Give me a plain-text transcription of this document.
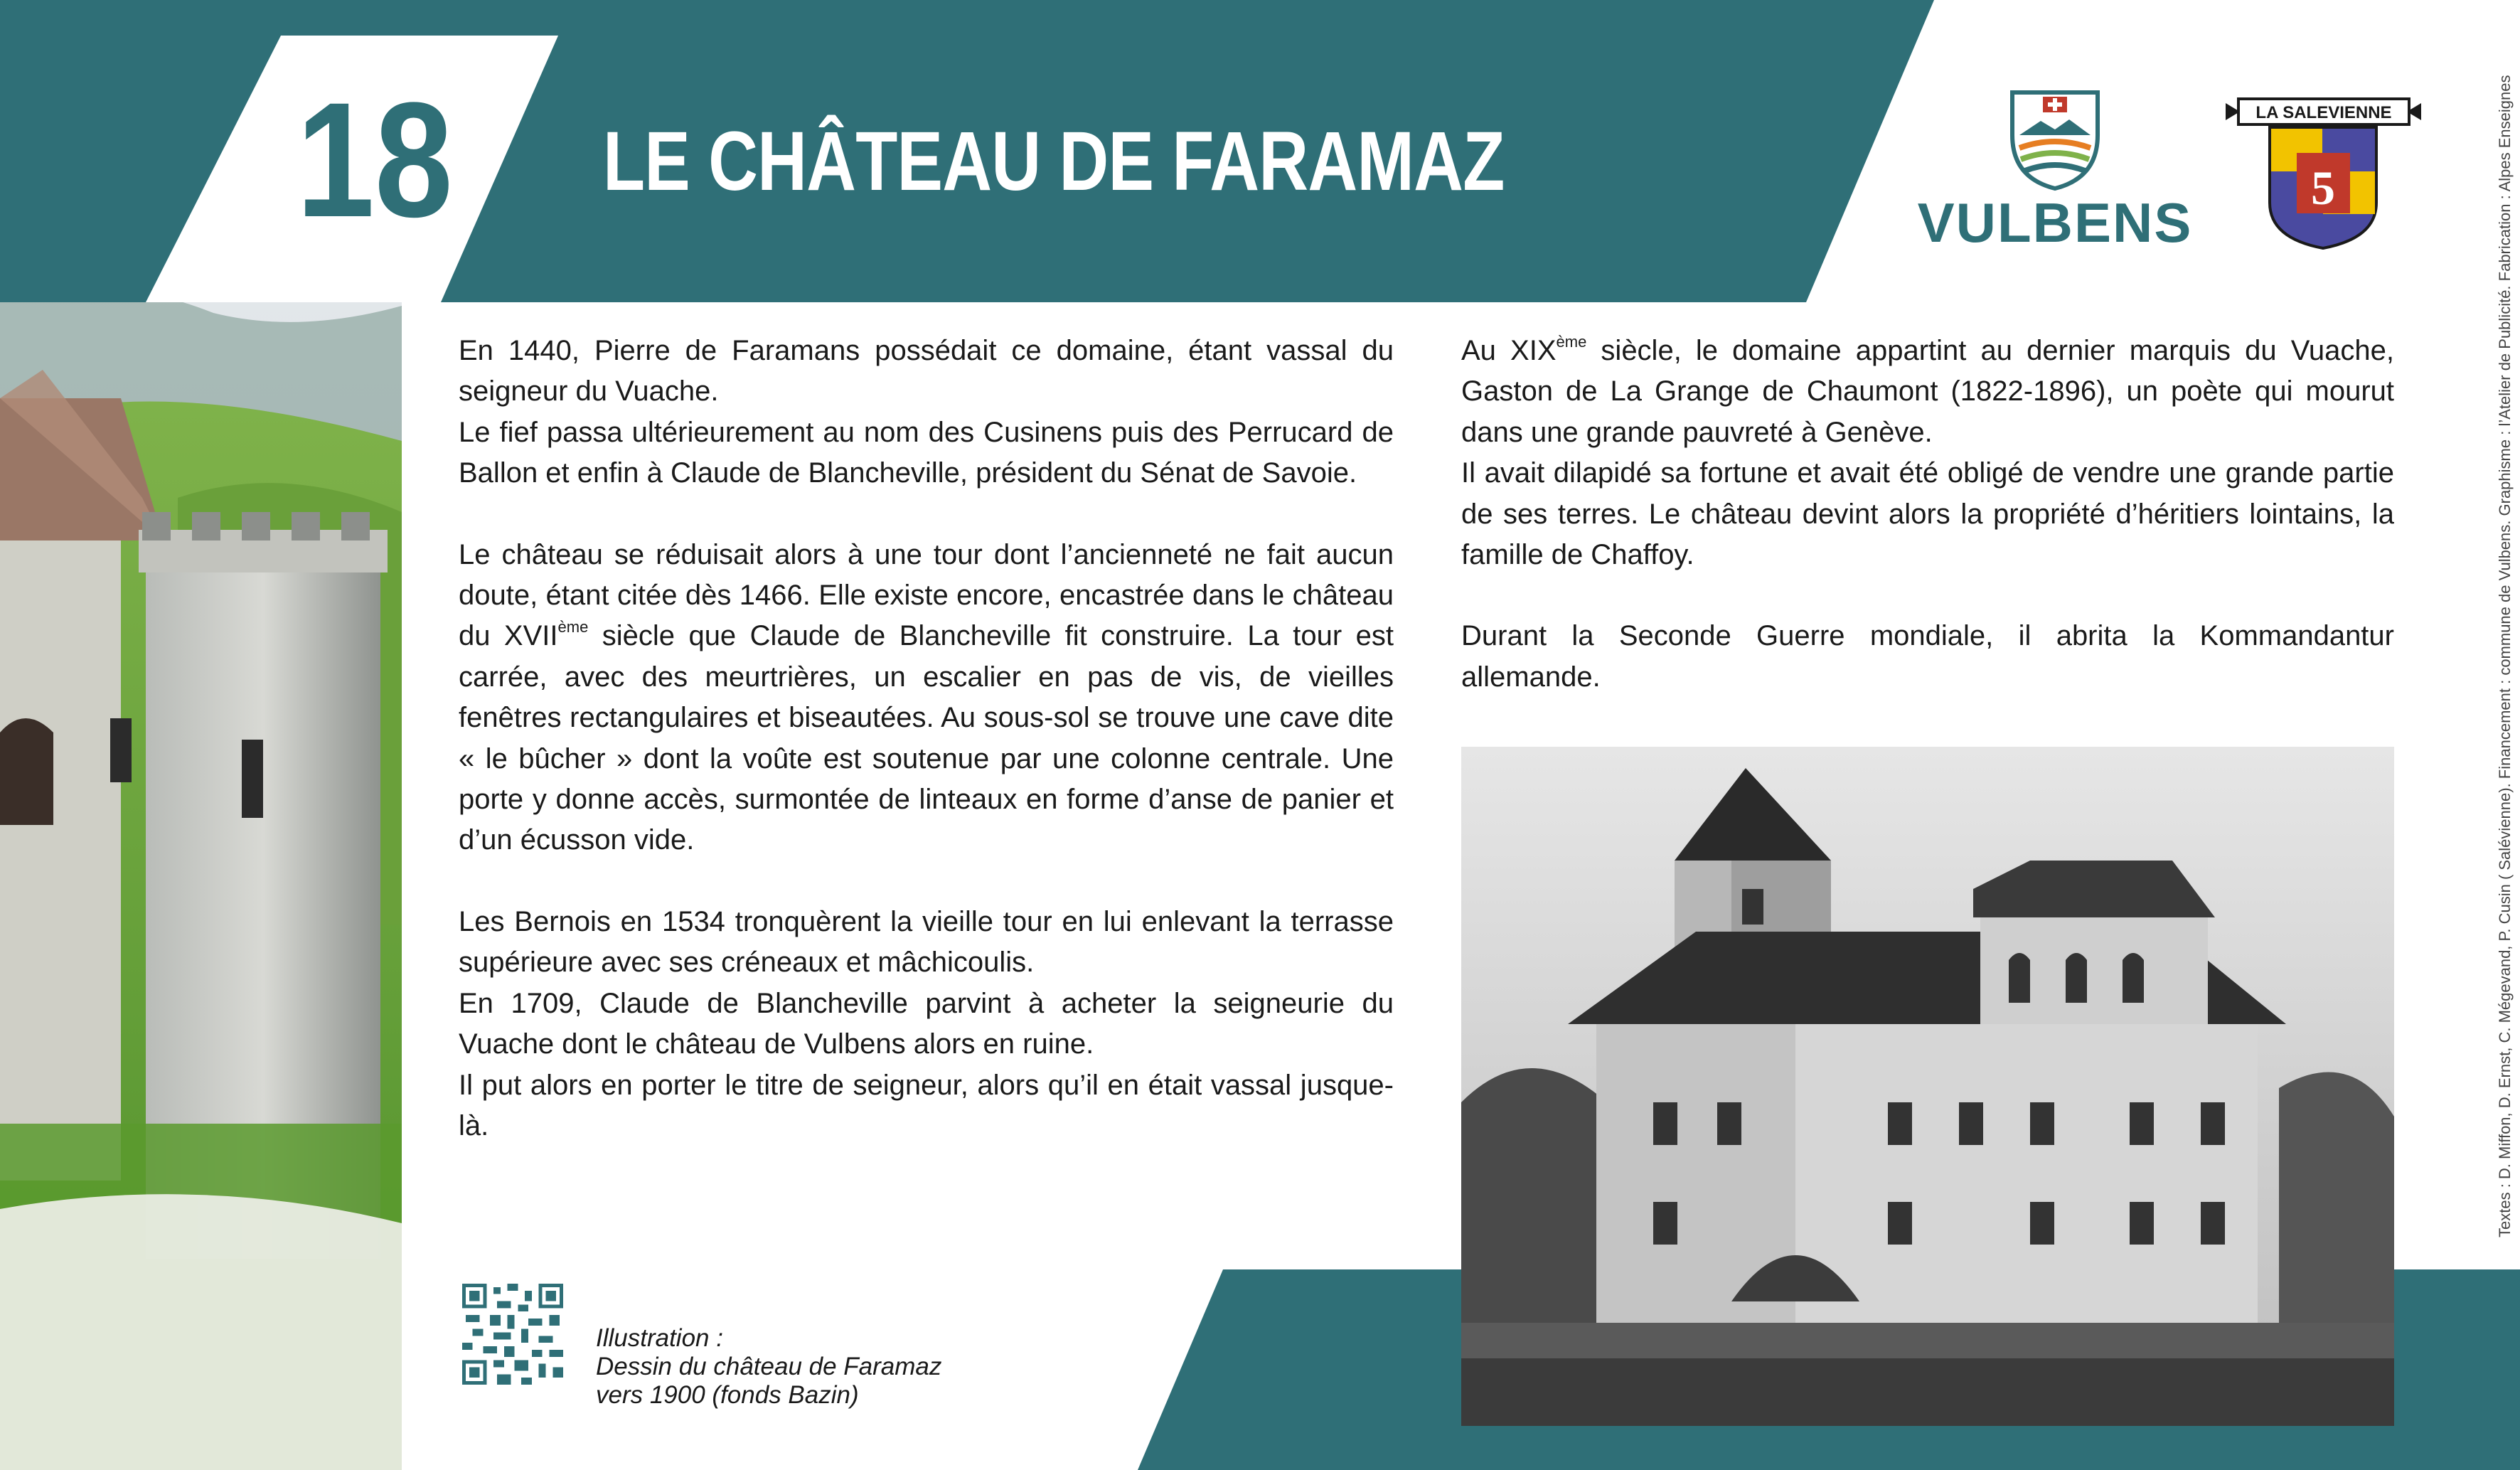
18 LE CHÂTEAU DE FARAMAZ
VULBENS
LA SALEVIENNE
5

En 1440, Pierre de Faramans possédait ce domaine, étant vassal du seigneur du Vuache.

Le fief passa ultérieurement au nom des Cusinens puis des Perrucard de Ballon et enfin à Claude de Blancheville, président du Sénat de Savoie.

Le château se réduisait alors à une tour dont l’ancienneté ne fait aucun doute, étant citée dès 1466. Elle existe encore, encastrée dans le château du XVIIème siècle que Claude de Blancheville fit construire. La tour est carrée, avec des meurtrières, un escalier en pas de vis, de vieilles fenêtres rectangulaires et biseautées. Au sous-sol se trouve une cave dite « le bûcher » dont la voûte est soutenue par une colonne centrale. Une porte y donne accès, surmontée de linteaux en forme d’anse de panier et d’un écusson vide.

Les Bernois en 1534 tronquèrent la vieille tour en lui enlevant la terrasse supérieure avec ses créneaux et mâchicoulis.

En 1709, Claude de Blancheville parvint à acheter la seigneurie du Vuache dont le château de Vulbens alors en ruine.

Il put alors en porter le titre de seigneur, alors qu’il en était vassal jusque-là.

Au XIXème siècle, le domaine appartint au dernier marquis du Vuache, Gaston de La Grange de Chaumont (1822-1896), un poète qui mourut dans une grande pauvreté à Genève.

Il avait dilapidé sa fortune et avait été obligé de vendre une grande partie de ses terres. Le château devint alors la propriété d’héritiers lointains, la famille de Chaffoy.

Durant la Seconde Guerre mondiale, il abrita la Kommandantur allemande.

Illustration :
Dessin du château de Faramaz
vers 1900 (fonds Bazin)
Textes : D. Miffon, D. Ernst, C. Mégevand, P. Cusin ( Salévienne). Financement : commune de Vulbens. Graphisme : l’Atelier de Publicité. Fabrication : Alpes Enseignes
